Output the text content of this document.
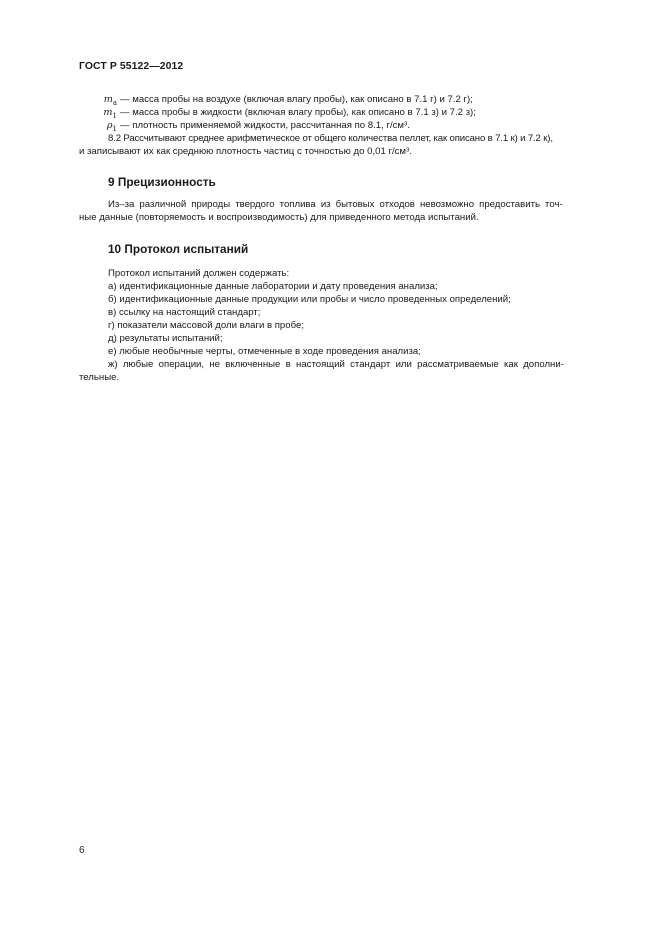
ГОСТ Р 55122—2012
$m_a$ — масса пробы на воздухе (включая влагу пробы), как описано в 7.1 г) и 7.2 г);
$m_1$ — масса пробы в жидкости (включая влагу пробы), как описано в 7.1 з) и 7.2 з);
$\rho_1$ — плотность применяемой жидкости, рассчитанная по 8.1, г/см³.
8.2 Рассчитывают среднее арифметическое от общего количества пеллет, как описано в 7.1 к) и 7.2 к),
и записывают их как среднюю плотность частиц с точностью до 0,01 г/см³.
9 Прецизионность
Из–за различной природы твердого топлива из бытовых отходов невозможно предоставить точ-
ные данные (повторяемость и воспроизводимость) для приведенного метода испытаний.
10 Протокол испытаний
Протокол испытаний должен содержать:
а) идентификационные данные лаборатории и дату проведения анализа;
б) идентификационные данные продукции или пробы и число проведенных определений;
в) ссылку на настоящий стандарт;
г) показатели массовой доли влаги в пробе;
д) результаты испытаний;
е) любые необычные черты, отмеченные в ходе проведения анализа;
ж) любые операции, не включенные в настоящий стандарт или рассматриваемые как дополни-
тельные.
6
